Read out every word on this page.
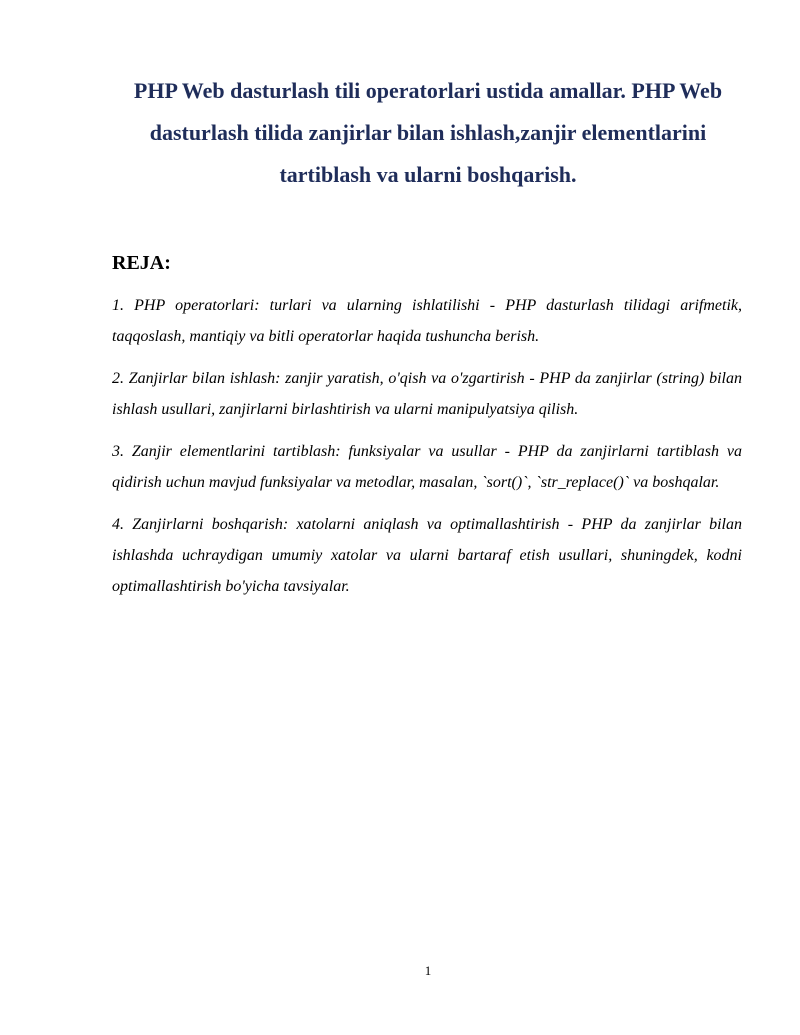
PHP Web dasturlash tili operatorlari ustida amallar. PHP Web dasturlash tilida zanjirlar bilan ishlash,zanjir elementlarini tartiblash va ularni boshqarish.
REJA:
1. PHP operatorlari: turlari va ularning ishlatilishi - PHP dasturlash tilidagi arifmetik, taqqoslash, mantiqiy va bitli operatorlar haqida tushuncha berish.
2. Zanjirlar bilan ishlash: zanjir yaratish, o'qish va o'zgartirish - PHP da zanjirlar (string) bilan ishlash usullari, zanjirlarni birlashtirish va ularni manipulyatsiya qilish.
3. Zanjir elementlarini tartiblash: funksiyalar va usullar - PHP da zanjirlarni tartiblash va qidirish uchun mavjud funksiyalar va metodlar, masalan, `sort()`, `str_replace()` va boshqalar.
4. Zanjirlarni boshqarish: xatolarni aniqlash va optimallashtirish - PHP da zanjirlar bilan ishlashda uchraydigan umumiy xatolar va ularni bartaraf etish usullari, shuningdek, kodni optimallashtirish bo'yicha tavsiyalar.
1
